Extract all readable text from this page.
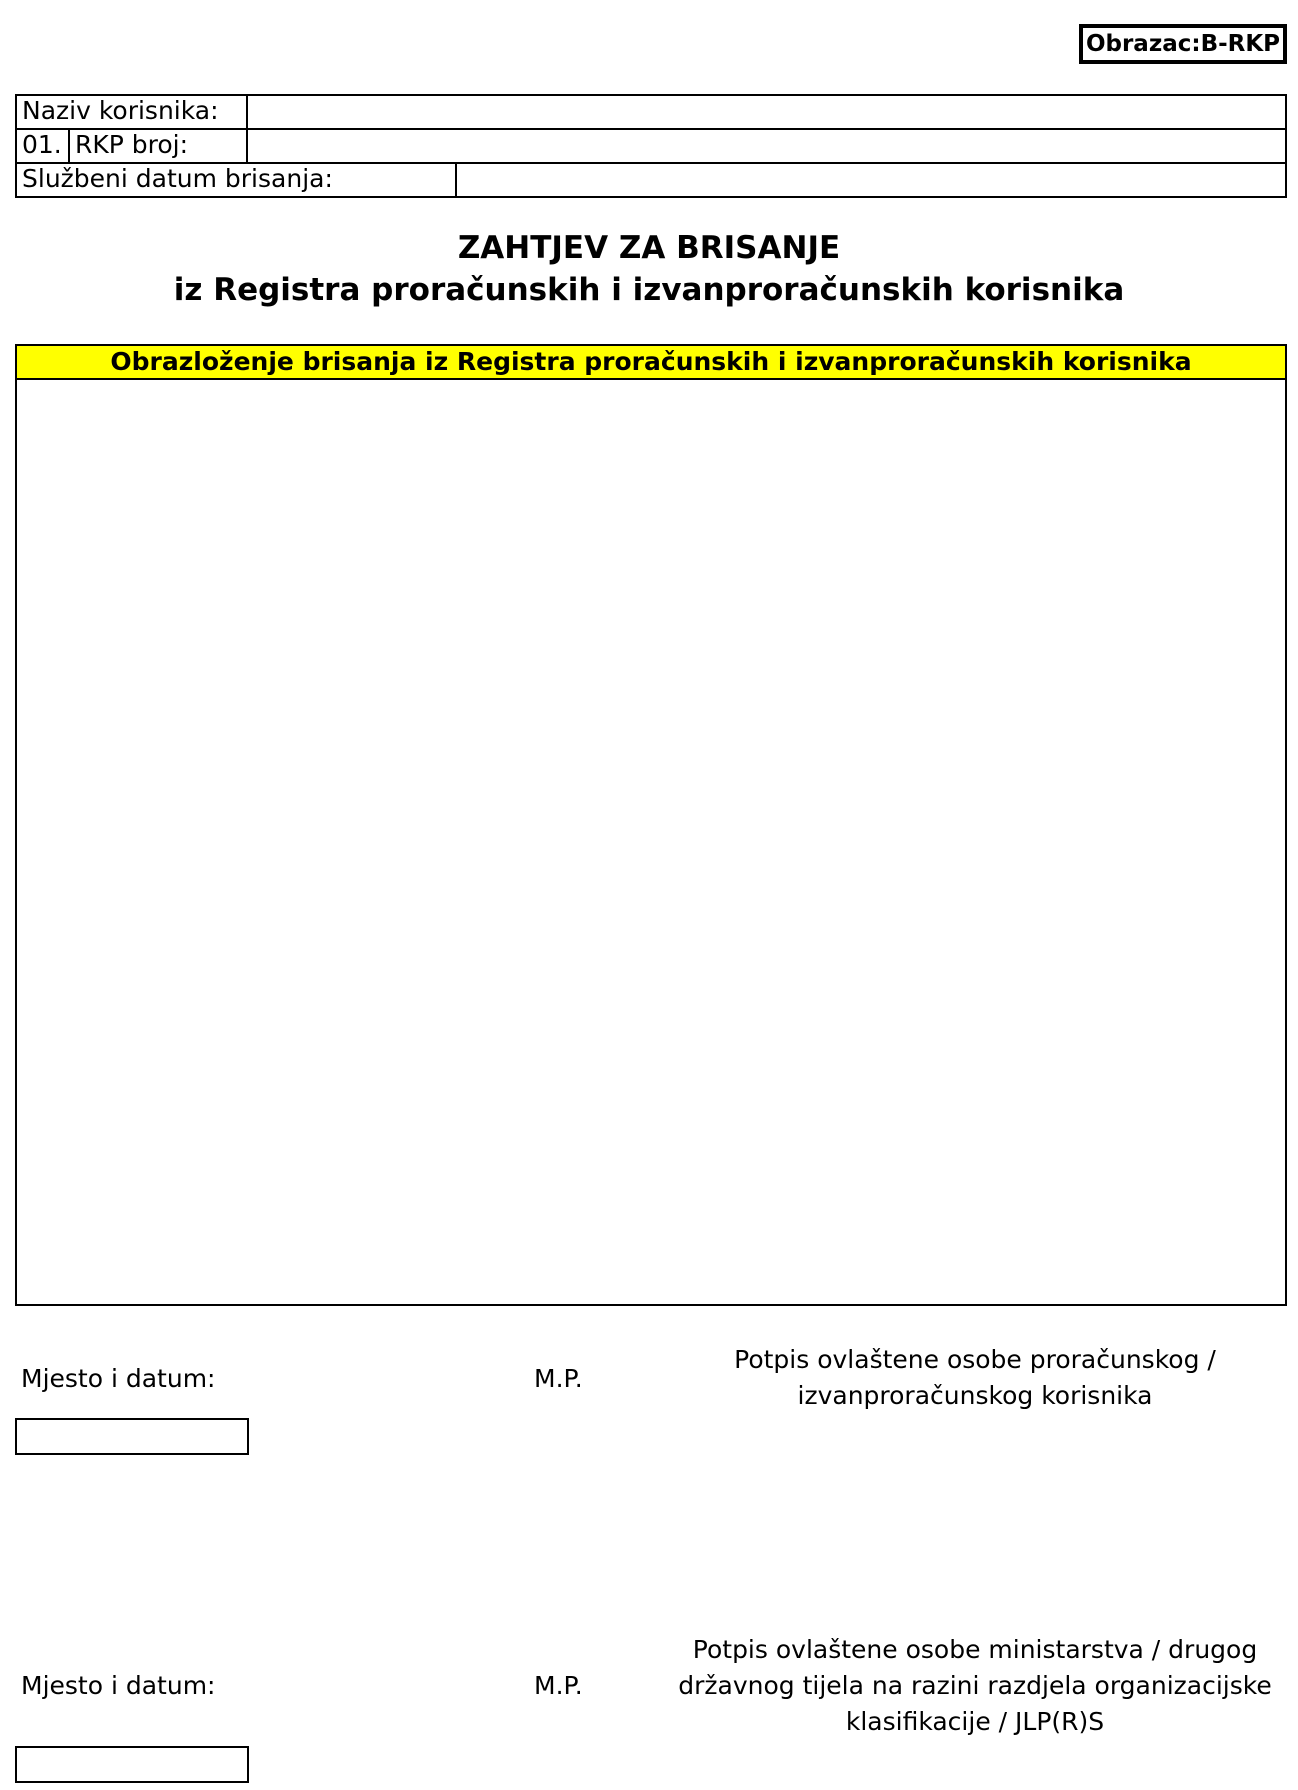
Obrazac:B-RKP
Naziv korisnika:
01. RKP broj:
Službeni datum brisanja:
ZAHTJEV ZA BRISANJE
iz Registra proračunskih i izvanproračunskih korisnika
Obrazloženje brisanja iz Registra proračunskih i izvanproračunskih korisnika
Mjesto i datum:	M.P.
Potpis ovlaštene osobe proračunskog /
izvanproračunskog korisnika
Mjesto i datum:	M.P.
Potpis ovlaštene osobe ministarstva / drugog
državnog tijela na razini razdjela organizacijske
klasifikacije / JLP(R)S
